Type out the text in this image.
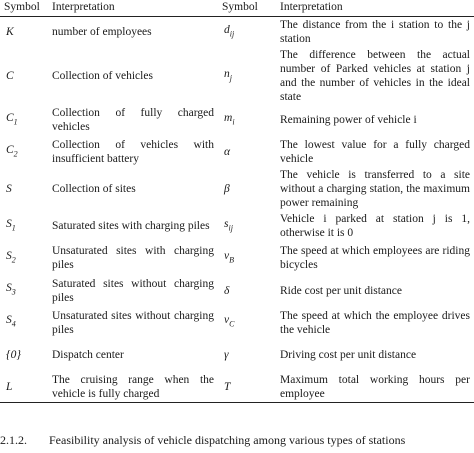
Symbol	Interpretation	Symbol	Interpretation
K	number of employees	$d_{ij}$	The distance from the i station to the j station
C	Collection of vehicles	$n_j$	The difference between the actual number of Parked vehicles at station j and the number of vehicles in the ideal state
$C_1$	Collection of fully charged vehicles	$m_i$	Remaining power of vehicle i
$C_2$	Collection of vehicles with insufficient battery	α	The lowest value for a fully charged vehicle
S	Collection of sites	β	The vehicle is transferred to a site without a charging station, the maximum power remaining
$S_1$	Saturated sites with charging piles	$s_{ij}$	Vehicle i parked at station j is 1, otherwise it is 0
$S_2$	Unsaturated sites with charging piles	$v_B$	The speed at which employees are riding bicycles
$S_3$	Saturated sites without charging piles	δ	Ride cost per unit distance
$S_4$	Unsaturated sites without charging piles	$v_C$	The speed at which the employee drives the vehicle
{0}	Dispatch center	γ	Driving cost per unit distance
L	The cruising range when the vehicle is fully charged	T	Maximum total working hours per employee
2.1.2. Feasibility analysis of vehicle dispatching among various types of stations
